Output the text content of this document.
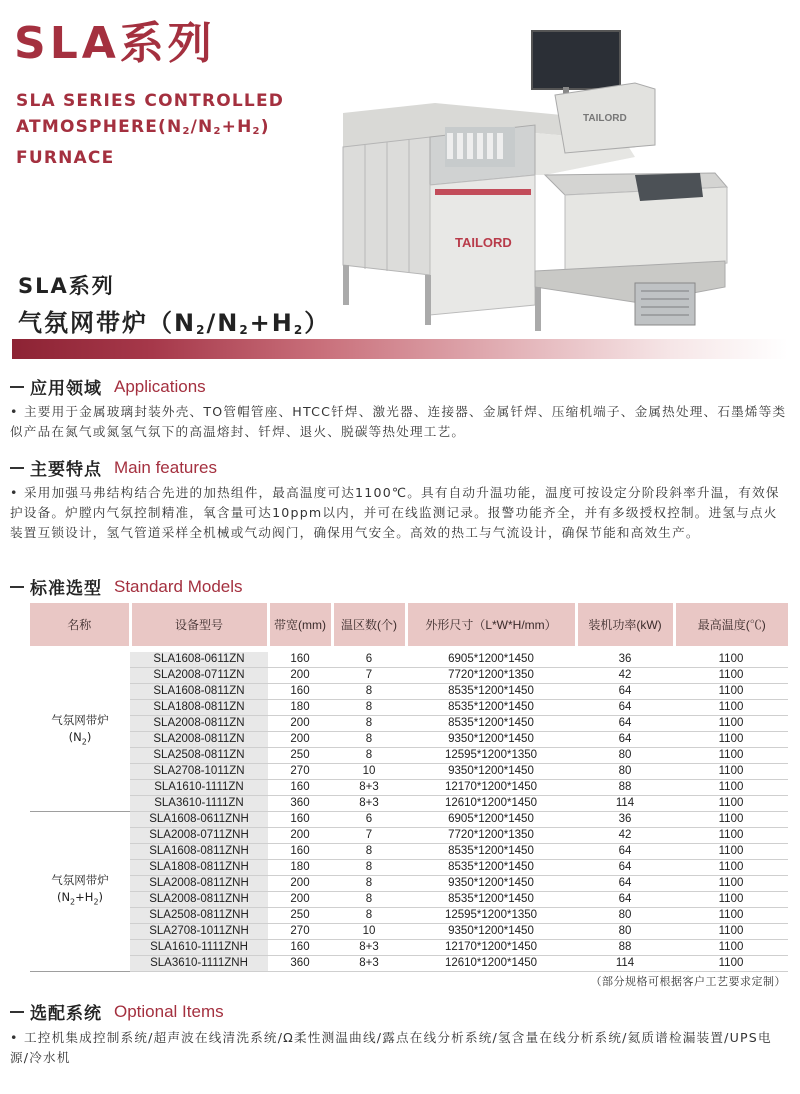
SLA系列
SLA SERIES CONTROLLED
$ATMOSPHERE(N_2/N_2+H_2)$
FURNACE
TAILORD
TAILORD
SLA系列
气氛网带炉$(N_2/N_2+H_2)$
应用领域 Applications
• 主要用于金属玻璃封装外壳、TO管帽管座、HTCC钎焊、激光器、连接器、金属钎焊、压缩机端子、金属热处理、石墨烯等类似产品在氮气或氮氢气氛下的高温熔封、钎焊、退火、脱碳等热处理工艺。
主要特点 Main features
• 采用加强马弗结构结合先进的加热组件，最高温度可达1100℃。具有自动升温功能，温度可按设定分阶段斜率升温，有效保护设备。炉膛内气氛控制精准，氧含量可达10ppm以内，并可在线监测记录。报警功能齐全，并有多级授权控制。进氢与点火装置互锁设计，氢气管道采样全机械或气动阀门，确保用气安全。高效的热工与气流设计，确保节能和高效生产。
标准选型 Standard Models
名称	设备型号	带宽(mm)	温区数(个)	外形尺寸（L*W*H/mm）	装机功率(kW)	最高温度(℃)

气氛网带炉
$(N_2)$	SLA1608-0611ZN	160	6	6905*1200*1450	36	1100
	SLA2008-0711ZN	200	7	7720*1200*1350	42	1100
	SLA1608-0811ZN	160	8	8535*1200*1450	64	1100
	SLA1808-0811ZN	180	8	8535*1200*1450	64	1100
	SLA2008-0811ZN	200	8	8535*1200*1450	64	1100
	SLA2008-0811ZN	200	8	9350*1200*1450	64	1100
	SLA2508-0811ZN	250	8	12595*1200*1350	80	1100
	SLA2708-1011ZN	270	10	9350*1200*1450	80	1100
	SLA1610-1111ZN	160	8+3	12170*1200*1450	88	1100
	SLA3610-1111ZN	360	8+3	12610*1200*1450	114	1100

气氛网带炉
$(N_2+H_2)$	SLA1608-0611ZNH	160	6	6905*1200*1450	36	1100
	SLA2008-0711ZNH	200	7	7720*1200*1350	42	1100
	SLA1608-0811ZNH	160	8	8535*1200*1450	64	1100
	SLA1808-0811ZNH	180	8	8535*1200*1450	64	1100
	SLA2008-0811ZNH	200	8	9350*1200*1450	64	1100
	SLA2008-0811ZNH	200	8	8535*1200*1450	64	1100
	SLA2508-0811ZNH	250	8	12595*1200*1350	80	1100
	SLA2708-1011ZNH	270	10	9350*1200*1450	80	1100
	SLA1610-1111ZNH	160	8+3	12170*1200*1450	88	1100
	SLA3610-1111ZNH	360	8+3	12610*1200*1450	114	1100
（部分规格可根据客户工艺要求定制）
选配系统 Optional Items
• 工控机集成控制系统/超声波在线清洗系统/Ω柔性测温曲线/露点在线分析系统/氢含量在线分析系统/氦质谱检漏装置/UPS电源/冷水机
